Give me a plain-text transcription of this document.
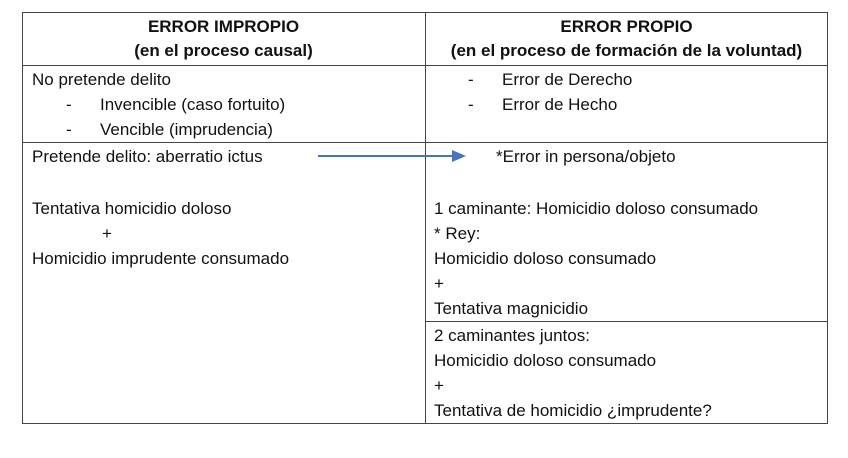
ERROR IMPROPIO
(en el proceso causal)
ERROR PROPIO
(en el proceso de formación de la voluntad)
No pretende delito
- Invencible (caso fortuito)
- Vencible (imprudencia)
- Error de Derecho
- Error de Hecho
Pretende delito: aberratio ictus
Tentativa homicidio doloso
+
Homicidio imprudente consumado
*Error in persona/objeto
1 caminante: Homicidio doloso consumado
* Rey:
Homicidio doloso consumado
+
Tentativa magnicidio
2 caminantes juntos:
Homicidio doloso consumado
+
Tentativa de homicidio ¿imprudente?
